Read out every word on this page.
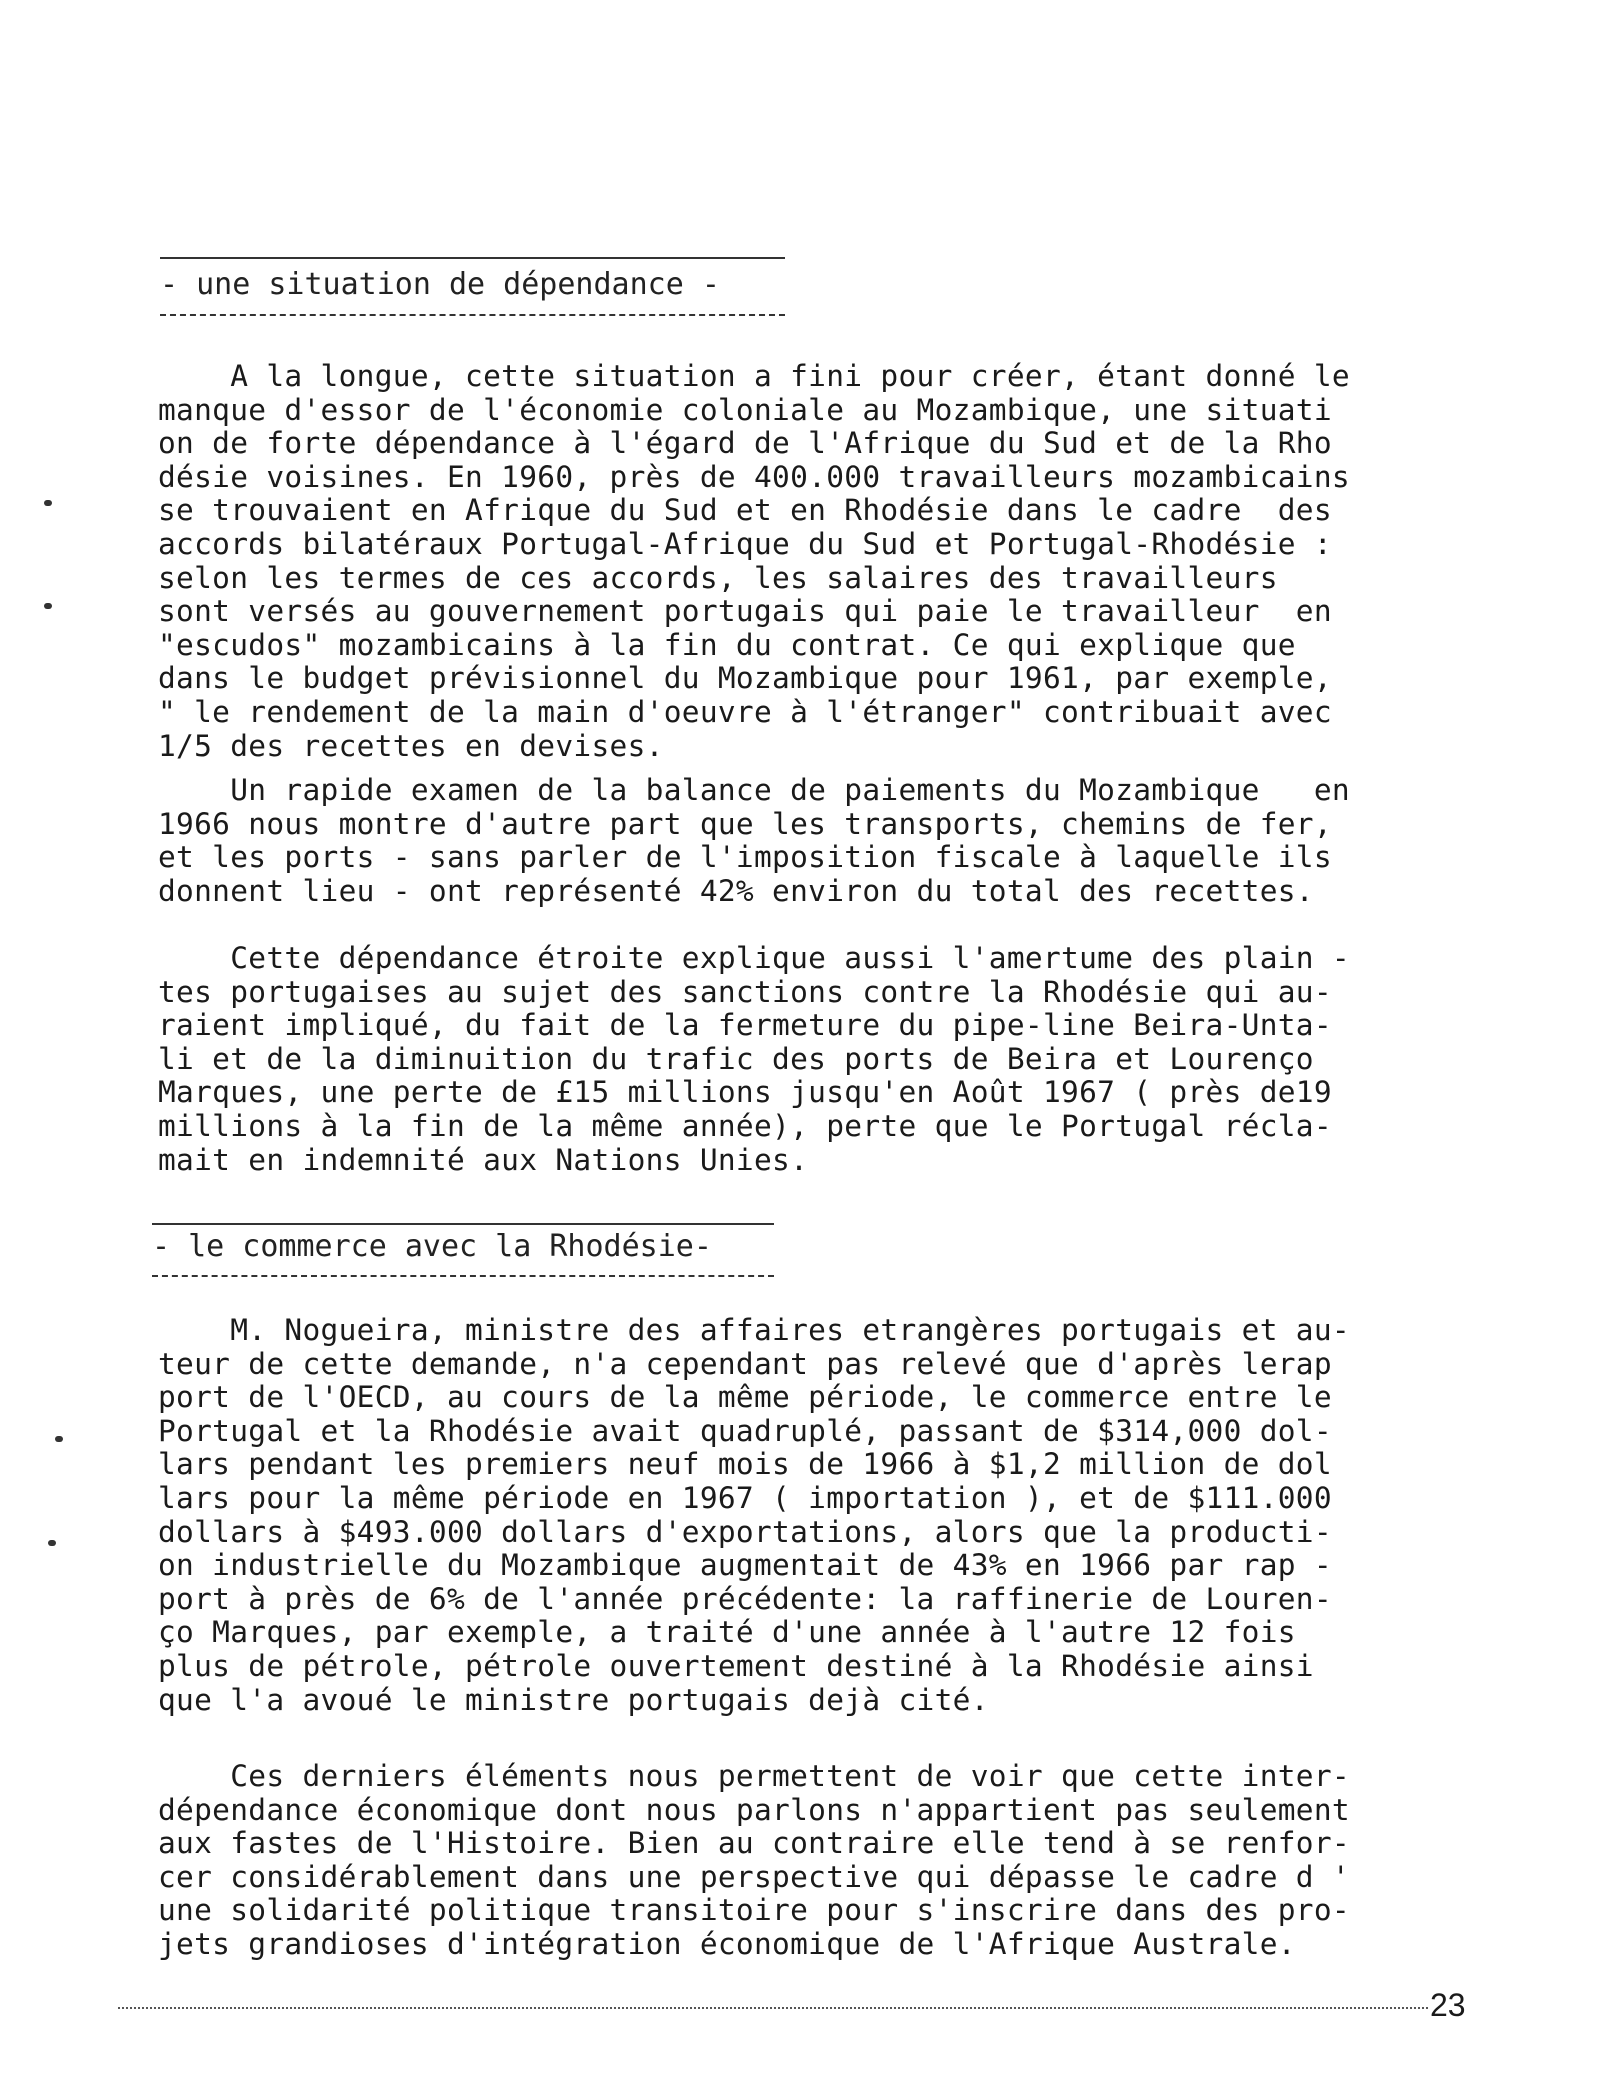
- une situation de dépendance -
A la longue, cette situation a fini pour créer, étant donné le
manque d'essor de l'économie coloniale au Mozambique, une situati
on de forte dépendance à l'égard de l'Afrique du Sud et de la Rho
désie voisines. En 1960, près de 400.000 travailleurs mozambicains
se trouvaient en Afrique du Sud et en Rhodésie dans le cadre  des
accords bilatéraux Portugal-Afrique du Sud et Portugal-Rhodésie :
selon les termes de ces accords, les salaires des travailleurs
sont versés au gouvernement portugais qui paie le travailleur  en
"escudos" mozambicains à la fin du contrat. Ce qui explique que
dans le budget prévisionnel du Mozambique pour 1961, par exemple,
" le rendement de la main d'oeuvre à l'étranger" contribuait avec
1/5 des recettes en devises.
Un rapide examen de la balance de paiements du Mozambique   en
1966 nous montre d'autre part que les transports, chemins de fer,
et les ports - sans parler de l'imposition fiscale à laquelle ils
donnent lieu - ont représenté 42% environ du total des recettes.
Cette dépendance étroite explique aussi l'amertume des plain -
tes portugaises au sujet des sanctions contre la Rhodésie qui au-
raient impliqué, du fait de la fermeture du pipe-line Beira-Unta-
li et de la diminuition du trafic des ports de Beira et Lourenço
Marques, une perte de £15 millions jusqu'en Août 1967 ( près de19
millions à la fin de la même année), perte que le Portugal récla-
mait en indemnité aux Nations Unies.
- le commerce avec la Rhodésie-
M. Nogueira, ministre des affaires etrangères portugais et au-
teur de cette demande, n'a cependant pas relevé que d'après lerap
port de l'OECD, au cours de la même période, le commerce entre le
Portugal et la Rhodésie avait quadruplé, passant de $314,000 dol-
lars pendant les premiers neuf mois de 1966 à $1,2 million de dol
lars pour la même période en 1967 ( importation ), et de $111.000
dollars à $493.000 dollars d'exportations, alors que la producti-
on industrielle du Mozambique augmentait de 43% en 1966 par rap -
port à près de 6% de l'année précédente: la raffinerie de Louren-
ço Marques, par exemple, a traité d'une année à l'autre 12 fois
plus de pétrole, pétrole ouvertement destiné à la Rhodésie ainsi
que l'a avoué le ministre portugais dejà cité.
Ces derniers éléments nous permettent de voir que cette inter-
dépendance économique dont nous parlons n'appartient pas seulement
aux fastes de l'Histoire. Bien au contraire elle tend à se renfor-
cer considérablement dans une perspective qui dépasse le cadre d '
une solidarité politique transitoire pour s'inscrire dans des pro-
jets grandioses d'intégration économique de l'Afrique Australe.
23
